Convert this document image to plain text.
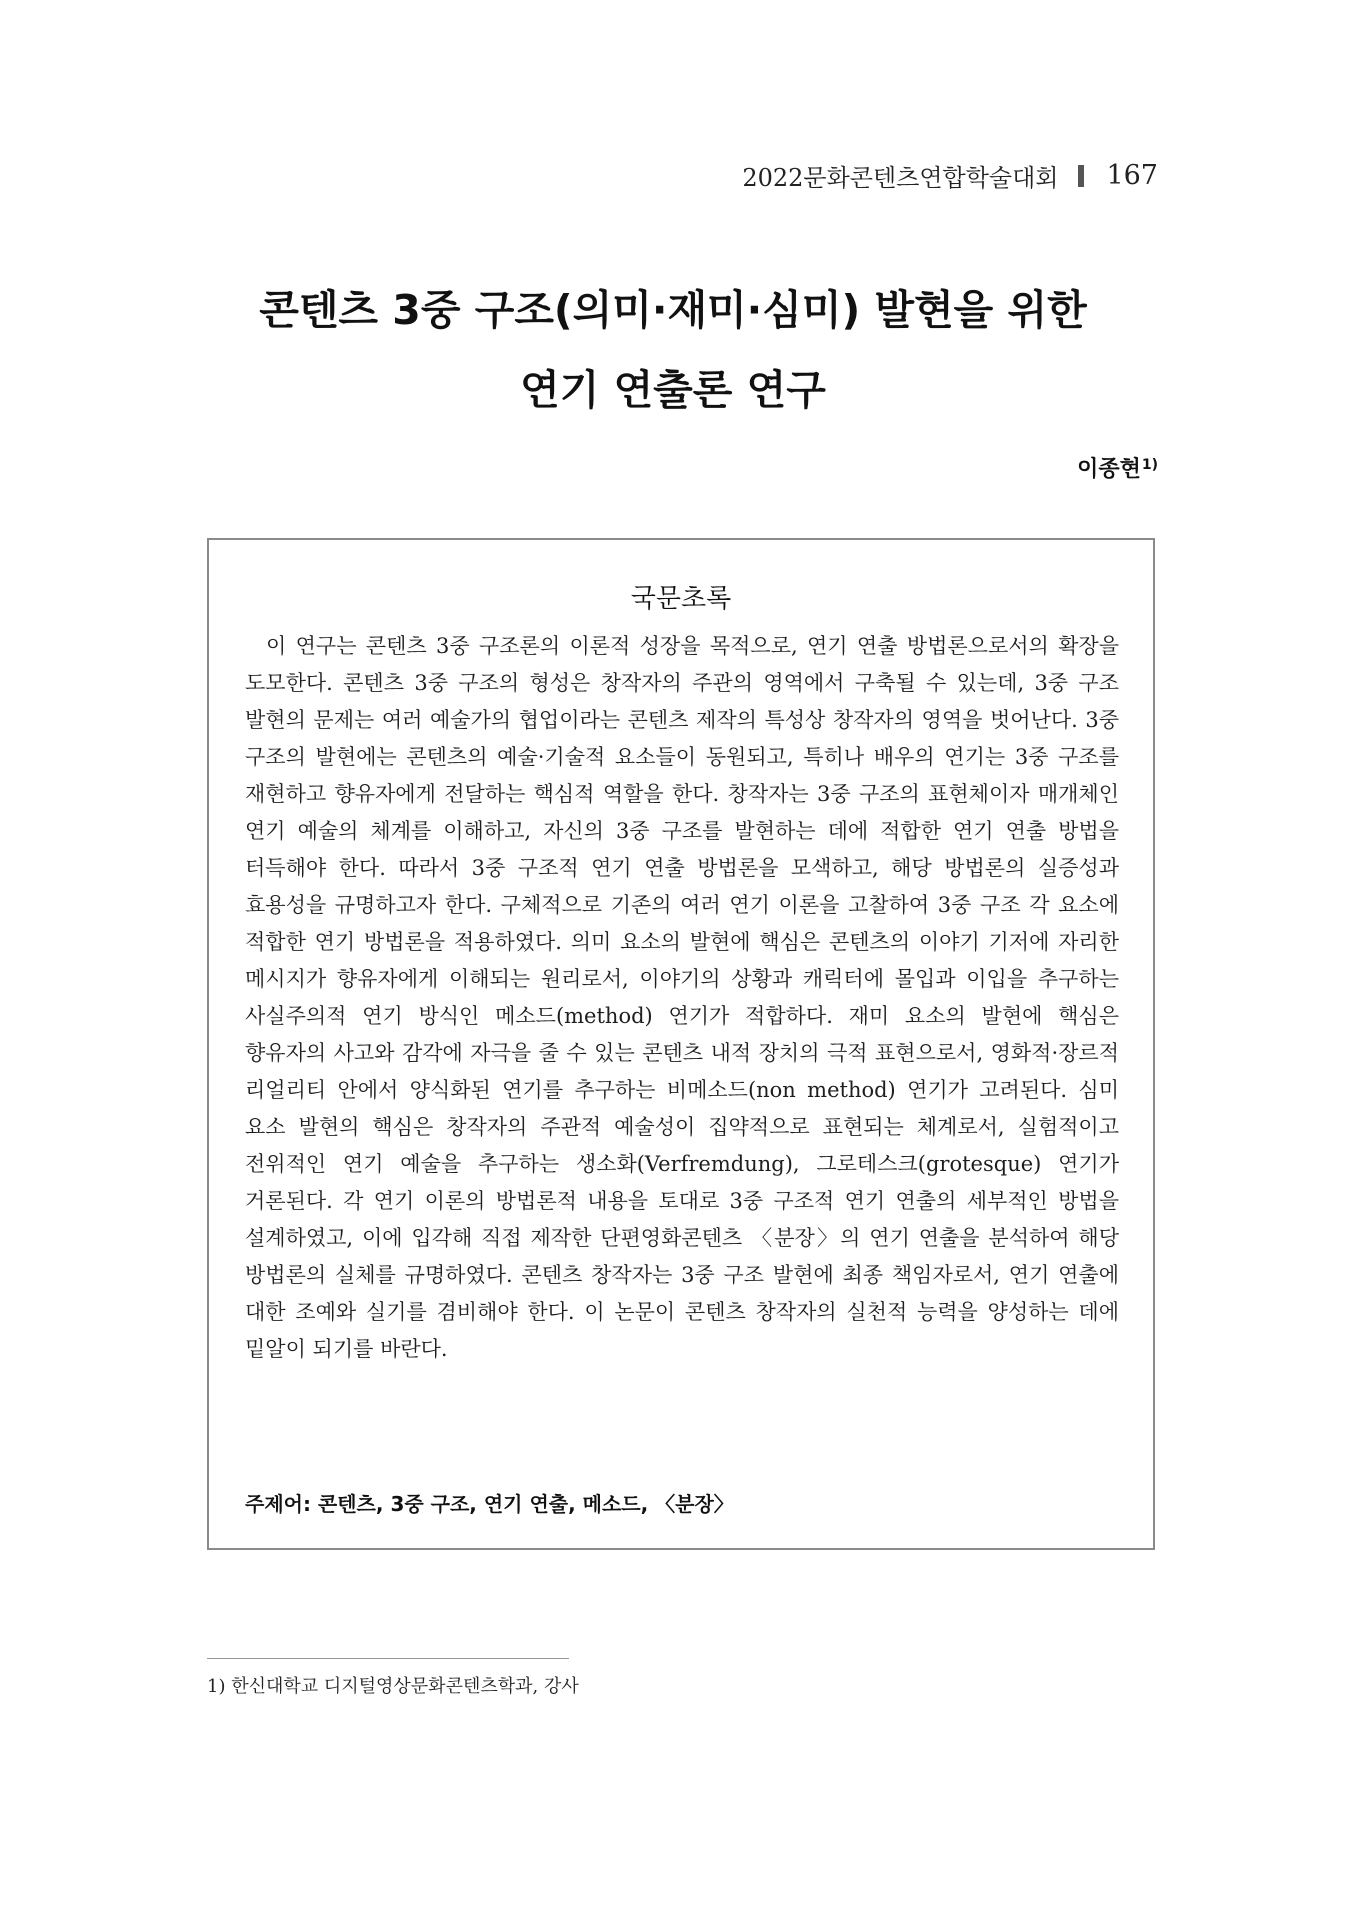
2022문화콘텐츠연합학술대회 167
콘텐츠 3중 구조(의미·재미·심미) 발현을 위한
연기 연출론 연구
이종현$^{1)}$
국문초록
이 연구는 콘텐츠 3중 구조론의 이론적 성장을 목적으로, 연기 연출 방법론으로서의 확장을 도모한다. 콘텐츠 3중 구조의 형성은 창작자의 주관의 영역에서 구축될 수 있는데, 3중 구조 발현의 문제는 여러 예술가의 협업이라는 콘텐츠 제작의 특성상 창작자의 영역을 벗어난다. 3중 구조의 발현에는 콘텐츠의 예술·기술적 요소들이 동원되고, 특히나 배우의 연기는 3중 구조를 재현하고 향유자에게 전달하는 핵심적 역할을 한다. 창작자는 3중 구조의 표현체이자 매개체인 연기 예술의 체계를 이해하고, 자신의 3중 구조를 발현하는 데에 적합한 연기 연출 방법을 터득해야 한다. 따라서 3중 구조적 연기 연출 방법론을 모색하고, 해당 방법론의 실증성과 효용성을 규명하고자 한다. 구체적으로 기존의 여러 연기 이론을 고찰하여 3중 구조 각 요소에 적합한 연기 방법론을 적용하였다. 의미 요소의 발현에 핵심은 콘텐츠의 이야기 기저에 자리한 메시지가 향유자에게 이해되는 원리로서, 이야기의 상황과 캐릭터에 몰입과 이입을 추구하는 사실주의적 연기 방식인 메소드(method) 연기가 적합하다. 재미 요소의 발현에 핵심은 향유자의 사고와 감각에 자극을 줄 수 있는 콘텐츠 내적 장치의 극적 표현으로서, 영화적·장르적 리얼리티 안에서 양식화된 연기를 추구하는 비메소드(non method) 연기가 고려된다. 심미 요소 발현의 핵심은 창작자의 주관적 예술성이 집약적으로 표현되는 체계로서, 실험적이고 전위적인 연기 예술을 추구하는 생소화(Verfremdung), 그로테스크(grotesque) 연기가 거론된다. 각 연기 이론의 방법론적 내용을 토대로 3중 구조적 연기 연출의 세부적인 방법을 설계하였고, 이에 입각해 직접 제작한 단편영화콘텐츠 〈분장〉의 연기 연출을 분석하여 해당 방법론의 실체를 규명하였다. 콘텐츠 창작자는 3중 구조 발현에 최종 책임자로서, 연기 연출에 대한 조예와 실기를 겸비해야 한다. 이 논문이 콘텐츠 창작자의 실천적 능력을 양성하는 데에 밑알이 되기를 바란다.
주제어: 콘텐츠, 3중 구조, 연기 연출, 메소드, 〈분장〉
1) 한신대학교 디지털영상문화콘텐츠학과, 강사
